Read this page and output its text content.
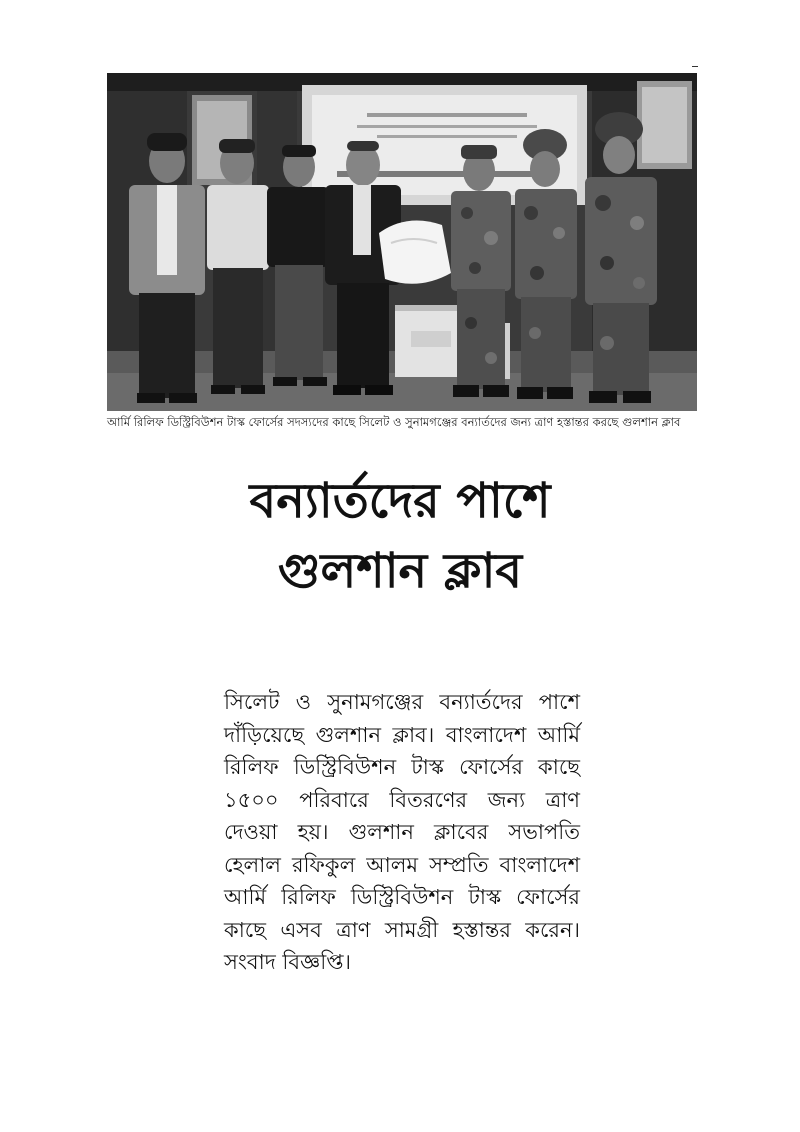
আর্মি রিলিফ ডিস্ট্রিবিউশন টাস্ক ফোর্সের সদস্যদের কাছে সিলেট ও সুনামগঞ্জের বন্যার্তদের জন্য ত্রাণ হস্তান্তর করছে গুলশান ক্লাব
বন্যার্তদের পাশে গুলশান ক্লাব

সিলেট ও সুনামগঞ্জের বন্যার্তদের পাশে দাঁড়িয়েছে গুলশান ক্লাব। বাংলাদেশ আর্মি রিলিফ ডিস্ট্রিবিউশন টাস্ক ফোর্সের কাছে ১৫০০ পরিবারে বিতরণের জন্য ত্রাণ দেওয়া হয়। গুলশান ক্লাবের সভাপতি হেলাল রফিকুল আলম সম্প্রতি বাংলাদেশ আর্মি রিলিফ ডিস্ট্রিবিউশন টাস্ক ফোর্সের কাছে এসব ত্রাণ সামগ্রী হস্তান্তর করেন। সংবাদ বিজ্ঞপ্তি।
